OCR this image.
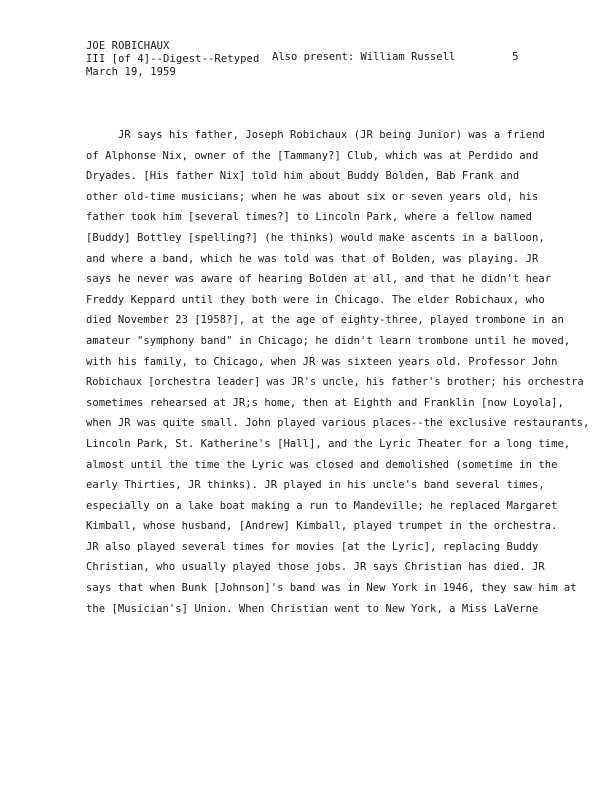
JOE ROBICHAUX
III [of 4]--Digest--Retyped
March 19, 1959
Also present: William Russell	5
JR says his father, Joseph Robichaux (JR being Junior) was a friend
of Alphonse Nix, owner of the [Tammany?] Club, which was at Perdido and
Dryades. [His father Nix] told him about Buddy Bolden, Bab Frank and
other old-time musicians; when he was about six or seven years old, his
father took him [several times?] to Lincoln Park, where a fellow named
[Buddy] Bottley [spelling?] (he thinks) would make ascents in a balloon,
and where a band, which he was told was that of Bolden, was playing. JR
says he never was aware of hearing Bolden at all, and that he didn't hear
Freddy Keppard until they both were in Chicago. The elder Robichaux, who
died November 23 [1958?], at the age of eighty-three, played trombone in an
amateur "symphony band" in Chicago; he didn't learn trombone until he moved,
with his family, to Chicago, when JR was sixteen years old. Professor John
Robichaux [orchestra leader] was JR's uncle, his father's brother; his orchestra
sometimes rehearsed at JR;s home, then at Eighth and Franklin [now Loyola],
when JR was quite small. John played various places--the exclusive restaurants,
Lincoln Park, St. Katherine's [Hall], and the Lyric Theater for a long time,
almost until the time the Lyric was closed and demolished (sometime in the
early Thirties, JR thinks). JR played in his uncle's band several times,
especially on a lake boat making a run to Mandeville; he replaced Margaret
Kimball, whose husband, [Andrew] Kimball, played trumpet in the orchestra.
JR also played several times for movies [at the Lyric], replacing Buddy
Christian, who usually played those jobs. JR says Christian has died. JR
says that when Bunk [Johnson]'s band was in New York in 1946, they saw him at
the [Musician's] Union. When Christian went to New York, a Miss LaVerne
